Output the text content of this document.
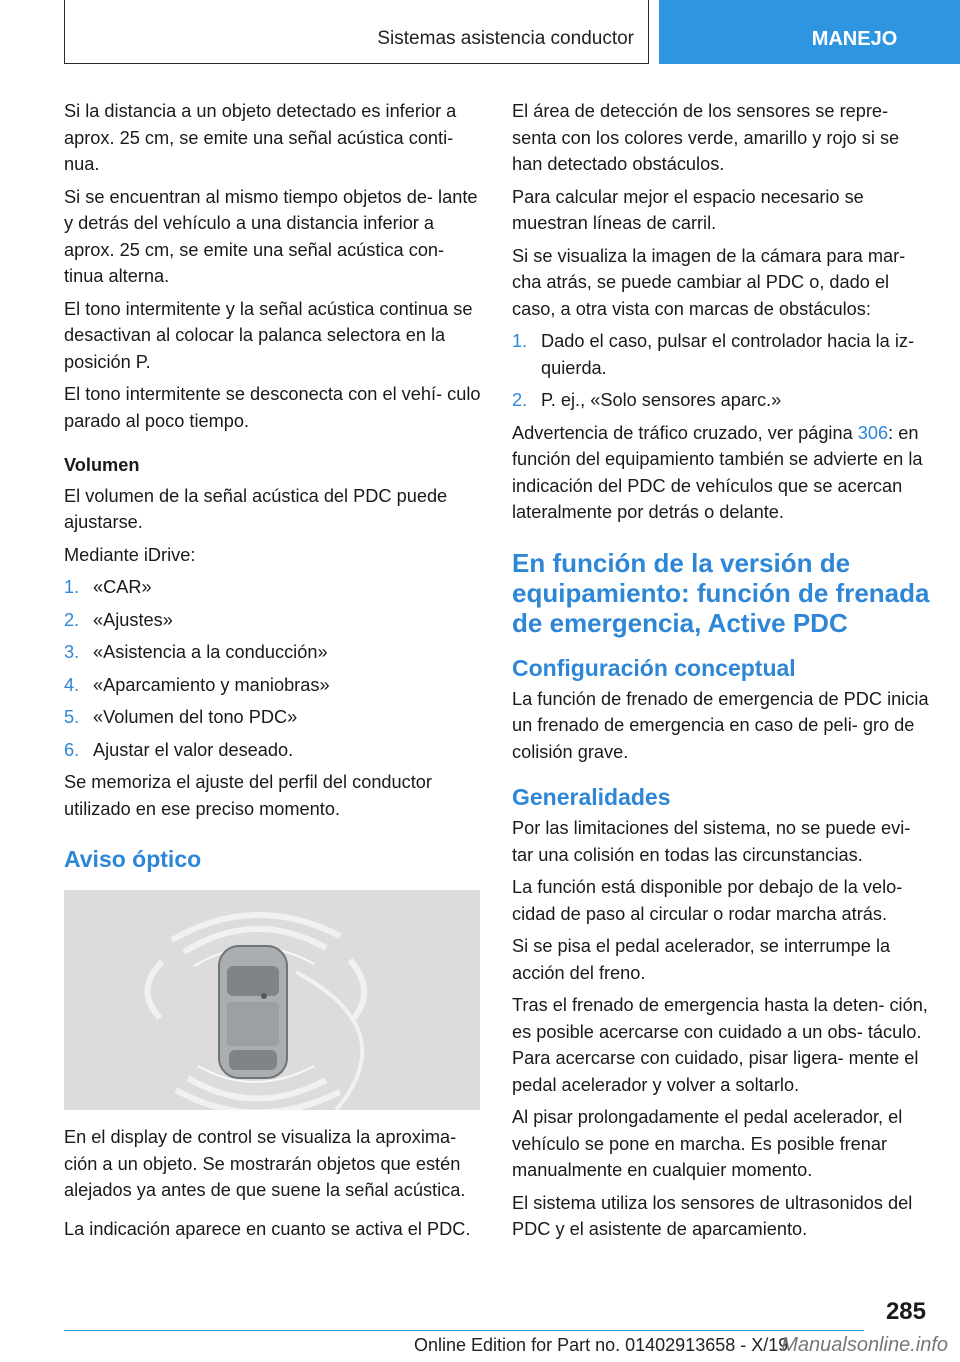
Sistemas asistencia conductor	MANEJO

Si la distancia a un objeto detectado es inferior a aprox. 25 cm, se emite una señal acústica conti‐ nua.

Si se encuentran al mismo tiempo objetos de‐ lante y detrás del vehículo a una distancia inferior a aprox. 25 cm, se emite una señal acústica con‐ tinua alterna.

El tono intermitente y la señal acústica continua se desactivan al colocar la palanca selectora en la posición P.

El tono intermitente se desconecta con el vehí‐ culo parado al poco tiempo.

Volumen

El volumen de la señal acústica del PDC puede ajustarse.

Mediante iDrive:

1. «CAR»
2. «Ajustes»
3. «Asistencia a la conducción»
4. «Aparcamiento y maniobras»
5. «Volumen del tono PDC»
6. Ajustar el valor deseado.

Se memoriza el ajuste del perfil del conductor utilizado en ese preciso momento.

Aviso óptico

En el display de control se visualiza la aproxima‐ ción a un objeto. Se mostrarán objetos que estén alejados ya antes de que suene la señal acústica.

La indicación aparece en cuanto se activa el PDC.

El área de detección de los sensores se repre‐ senta con los colores verde, amarillo y rojo si se han detectado obstáculos.

Para calcular mejor el espacio necesario se muestran líneas de carril.

Si se visualiza la imagen de la cámara para mar‐ cha atrás, se puede cambiar al PDC o, dado el caso, a otra vista con marcas de obstáculos:

1. Dado el caso, pulsar el controlador hacia la iz‐ quierda.
2. P. ej., «Solo sensores aparc.»

Advertencia de tráfico cruzado, ver página 306: en función del equipamiento también se advierte en la indicación del PDC de vehículos que se acercan lateralmente por detrás o delante.

En función de la versión de equipamiento: función de frenada de emergencia, Active PDC
Configuración conceptual

La función de frenado de emergencia de PDC inicia un frenado de emergencia en caso de peli‐ gro de colisión grave.

Generalidades

Por las limitaciones del sistema, no se puede evi‐ tar una colisión en todas las circunstancias.

La función está disponible por debajo de la velo‐ cidad de paso al circular o rodar marcha atrás.

Si se pisa el pedal acelerador, se interrumpe la acción del freno.

Tras el frenado de emergencia hasta la deten‐ ción, es posible acercarse con cuidado a un obs‐ táculo. Para acercarse con cuidado, pisar ligera‐ mente el pedal acelerador y volver a soltarlo.

Al pisar prolongadamente el pedal acelerador, el vehículo se pone en marcha. Es posible frenar manualmente en cualquier momento.

El sistema utiliza los sensores de ultrasonidos del PDC y el asistente de aparcamiento.

285
Online Edition for Part no. 01402913658 - X/19
Manualsonline.info
